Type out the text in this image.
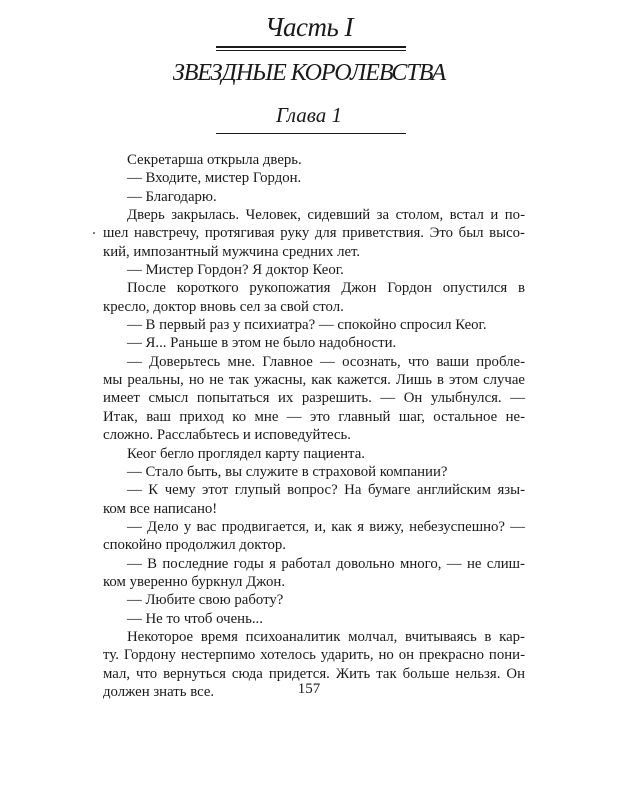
Часть I
ЗВЕЗДНЫЕ КОРОЛЕВСТВА
Глава 1
Секретарша открыла дверь.
— Входите, мистер Гордон.
— Благодарю.
Дверь закрылась. Человек, сидевший за столом, встал и по-
шел навстречу, протягивая руку для приветствия. Это был высо-
кий, импозантный мужчина средних лет.
— Мистер Гордон? Я доктор Кеог.
После короткого рукопожатия Джон Гордон опустился в
кресло, доктор вновь сел за свой стол.
— В первый раз у психиатра? — спокойно спросил Кеог.
— Я... Раньше в этом не было надобности.
— Доверьтесь мне. Главное — осознать, что ваши пробле-
мы реальны, но не так ужасны, как кажется. Лишь в этом случае
имеет смысл попытаться их разрешить. — Он улыбнулся. —
Итак, ваш приход ко мне — это главный шаг, остальное не-
сложно. Расслабьтесь и исповедуйтесь.
Кеог бегло проглядел карту пациента.
— Стало быть, вы служите в страховой компании?
— К чему этот глупый вопрос? На бумаге английским язы-
ком все написано!
— Дело у вас продвигается, и, как я вижу, небезуспешно? —
спокойно продолжил доктор.
— В последние годы я работал довольно много, — не слиш-
ком уверенно буркнул Джон.
— Любите свою работу?
— Не то чтоб очень...
Некоторое время психоаналитик молчал, вчитываясь в кар-
ту. Гордону нестерпимо хотелось ударить, но он прекрасно пони-
мал, что вернуться сюда придется. Жить так больше нельзя. Он
должен знать все.	157
